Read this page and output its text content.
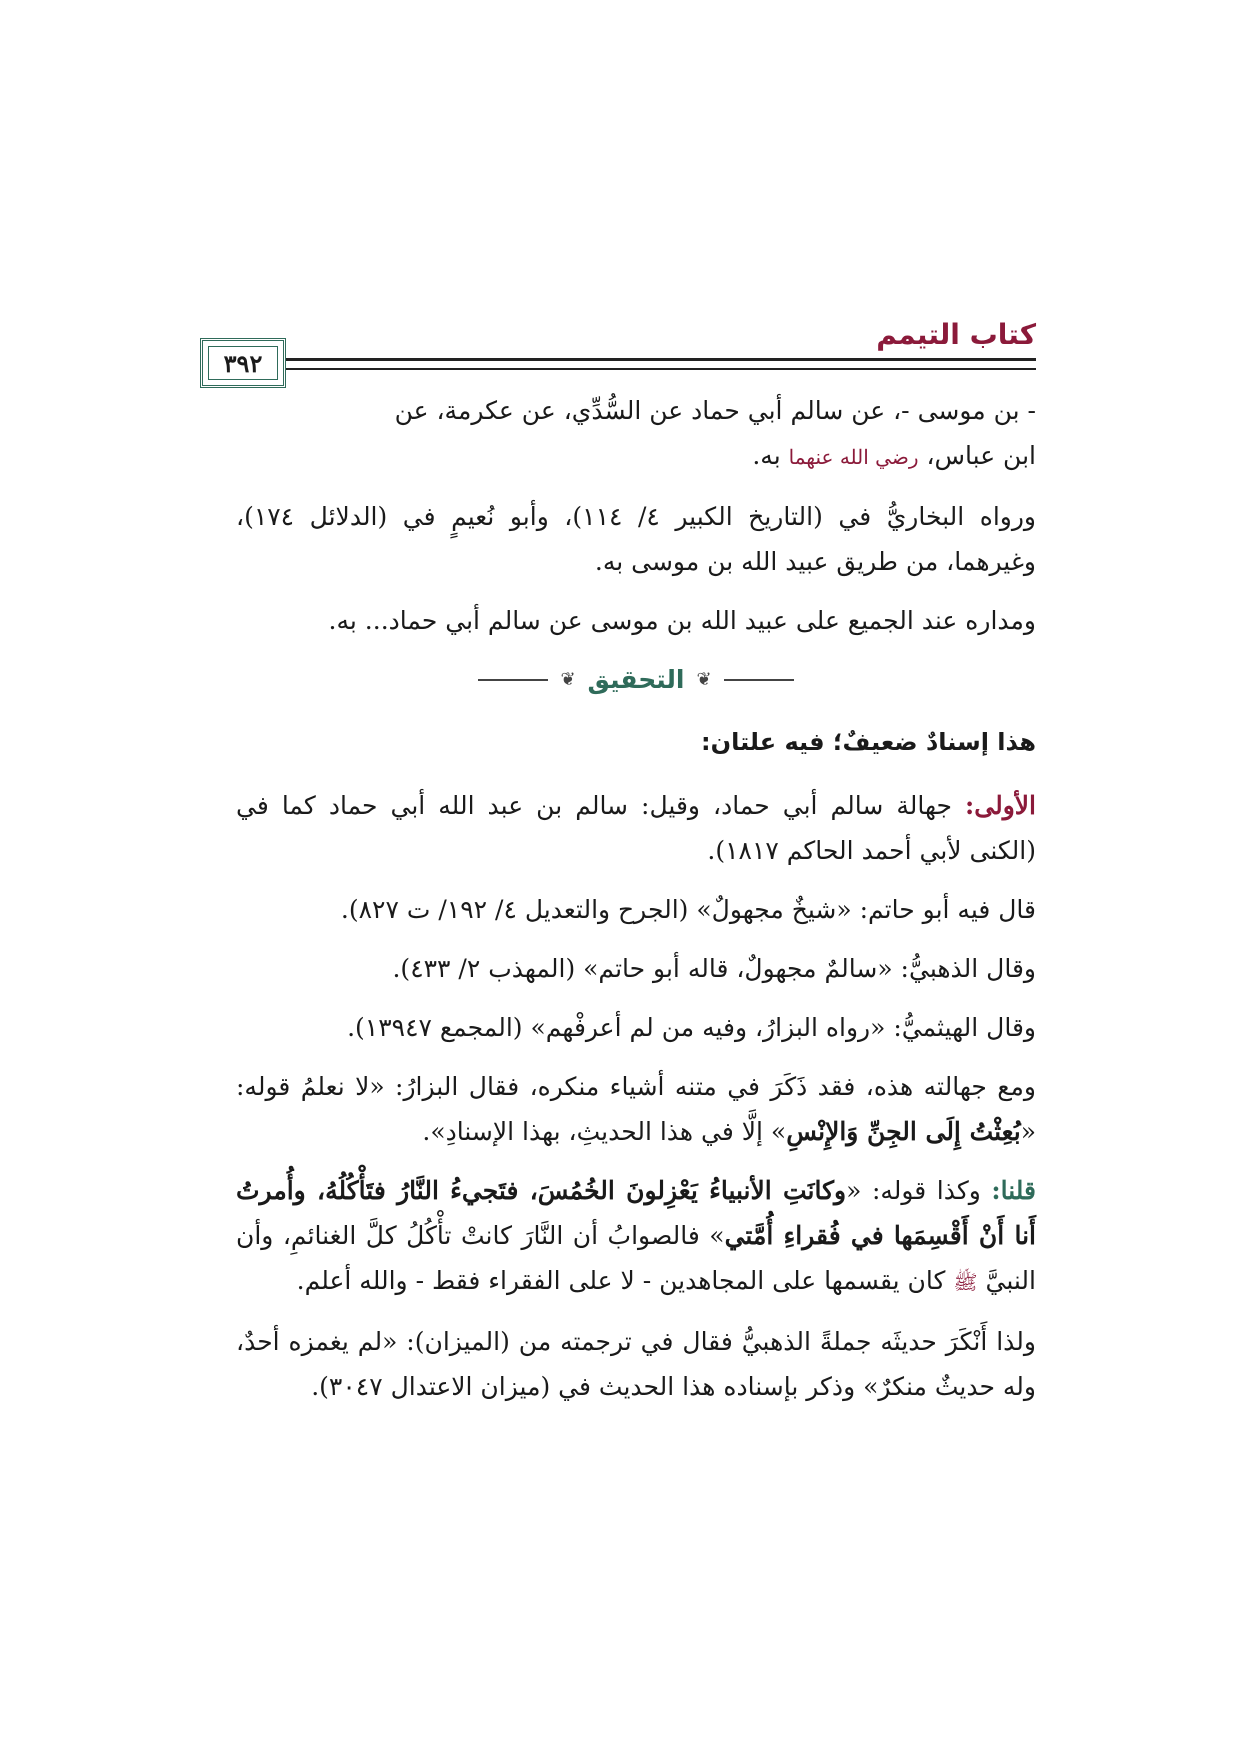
كتاب التيمم
٣٩٢

- بن موسى -، عن سالم أبي حماد عن السُّدِّي، عن عكرمة، عن
ابن عباس، رضي الله عنهما به.

ورواه البخاريُّ في (التاريخ الكبير ٤/ ١١٤)، وأبو نُعيمٍ في (الدلائل ١٧٤)، وغيرهما، من طريق عبيد الله بن موسى به.

ومداره عند الجميع على عبيد الله بن موسى عن سالم أبي حماد... به.

❦
التحقيق
❦

هذا إسنادٌ ضعيفٌ؛ فيه علتان:

الأولى: جهالة سالم أبي حماد، وقيل: سالم بن عبد الله أبي حماد كما في (الكنى لأبي أحمد الحاكم ١٨١٧).

قال فيه أبو حاتم: «شيخٌ مجهولٌ» (الجرح والتعديل ٤/ ١٩٢/ ت ٨٢٧).

وقال الذهبيُّ: «سالمٌ مجهولٌ، قاله أبو حاتم» (المهذب ٢/ ٤٣٣).

وقال الهيثميُّ: «رواه البزارُ، وفيه من لم أعرفْهم» (المجمع ١٣٩٤٧).

ومع جهالته هذه، فقد ذَكَرَ في متنه أشياء منكره، فقال البزارُ: «لا نعلمُ قوله: «بُعِثْتُ إِلَى الجِنِّ وَالإِنْسِ» إلَّا في هذا الحديثِ، بهذا الإسنادِ».

قلنا: وكذا قوله: «وكانَتِ الأنبياءُ يَعْزِلونَ الخُمُسَ، فتَجيءُ النَّارُ فتَأْكُلُهُ، وأُمرتُ أَنا أَنْ أَقْسِمَها في فُقراءِ أُمَّتي» فالصوابُ أن النَّارَ كانتْ تأْكُلُ كلَّ الغنائمِ، وأن النبيَّ ﷺ كان يقسمها على المجاهدين - لا على الفقراء فقط - والله أعلم.

ولذا أَنْكَرَ حديثَه جملةً الذهبيُّ فقال في ترجمته من (الميزان): «لم يغمزه أحدٌ، وله حديثٌ منكرٌ» وذكر بإسناده هذا الحديث في (ميزان الاعتدال ٣٠٤٧).
